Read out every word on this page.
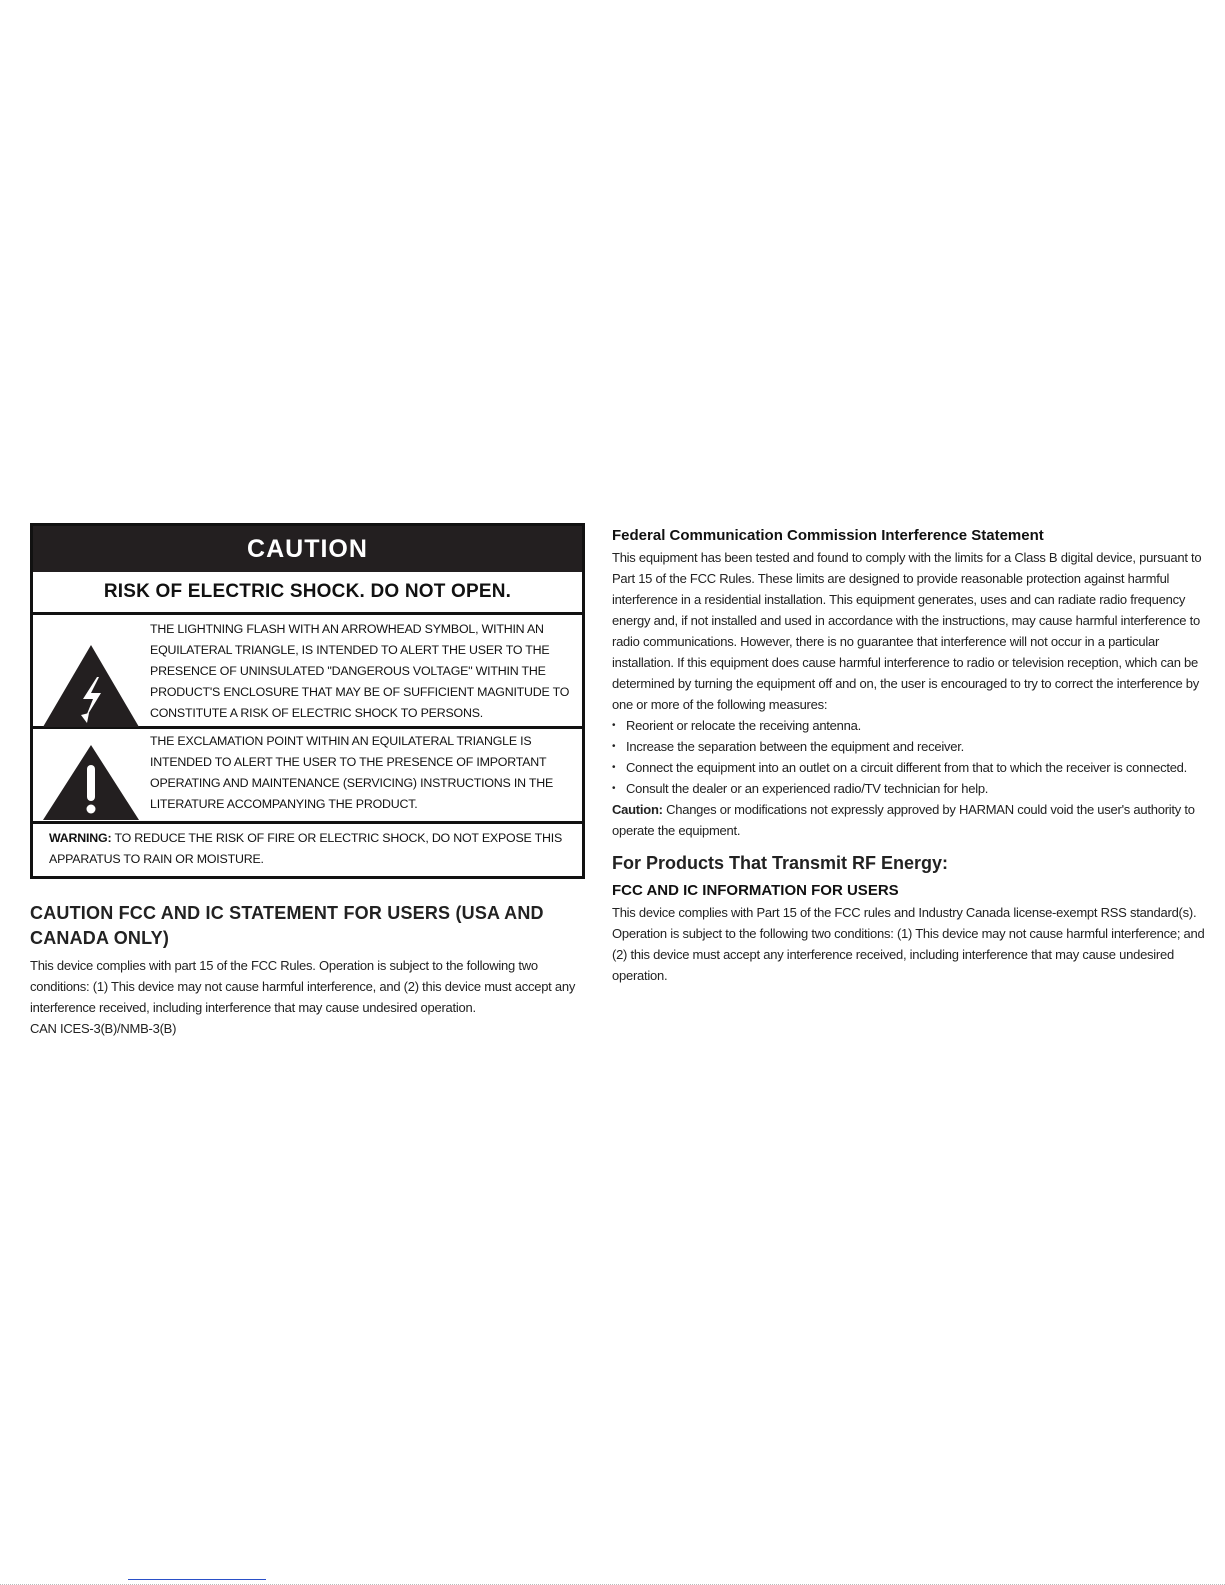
CAUTION
RISK OF ELECTRIC SHOCK. DO NOT OPEN.
THE LIGHTNING FLASH WITH AN ARROWHEAD SYMBOL, WITHIN AN EQUILATERAL TRIANGLE, IS INTENDED TO ALERT THE USER TO THE PRESENCE OF UNINSULATED "DANGEROUS VOLTAGE" WITHIN THE PRODUCT'S ENCLOSURE THAT MAY BE OF SUFFICIENT MAGNITUDE TO CONSTITUTE A RISK OF ELECTRIC SHOCK TO PERSONS.
THE EXCLAMATION POINT WITHIN AN EQUILATERAL TRIANGLE IS INTENDED TO ALERT THE USER TO THE PRESENCE OF IMPORTANT OPERATING AND MAINTENANCE (SERVICING) INSTRUCTIONS IN THE LITERATURE ACCOMPANYING THE PRODUCT.
WARNING: TO REDUCE THE RISK OF FIRE OR ELECTRIC SHOCK, DO NOT EXPOSE THIS APPARATUS TO RAIN OR MOISTURE.
CAUTION FCC AND IC STATEMENT FOR USERS (USA AND CANADA ONLY)

This device complies with part 15 of the FCC Rules. Operation is subject to the following two conditions: (1) This device may not cause harmful interference, and (2) this device must accept any interference received, including interference that may cause undesired operation.

CAN ICES-3(B)/NMB-3(B)

Federal Communication Commission Interference Statement

This equipment has been tested and found to comply with the limits for a Class B digital device, pursuant to Part 15 of the FCC Rules. These limits are designed to provide reasonable protection against harmful interference in a residential installation. This equipment generates, uses and can radiate radio frequency energy and, if not installed and used in accordance with the instructions, may cause harmful interference to radio communications. However, there is no guarantee that interference will not occur in a particular installation. If this equipment does cause harmful interference to radio or television reception, which can be determined by turning the equipment off and on, the user is encouraged to try to correct the interference by one or more of the following measures:

• Reorient or relocate the receiving antenna.
• Increase the separation between the equipment and receiver.
• Connect the equipment into an outlet on a circuit different from that to which the receiver is connected.
• Consult the dealer or an experienced radio/TV technician for help.

Caution: Changes or modifications not expressly approved by HARMAN could void the user's authority to operate the equipment.

For Products That Transmit RF Energy:
FCC AND IC INFORMATION FOR USERS

This device complies with Part 15 of the FCC rules and Industry Canada license-exempt RSS standard(s). Operation is subject to the following two conditions: (1) This device may not cause harmful interference; and (2) this device must accept any interference received, including interference that may cause undesired operation.
